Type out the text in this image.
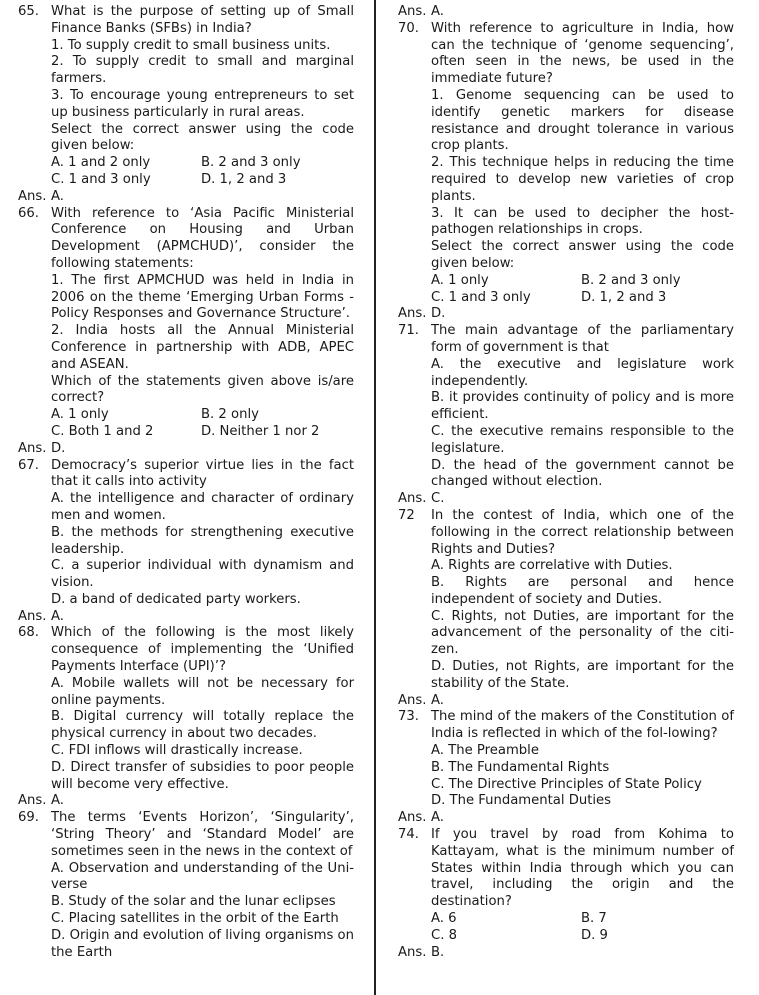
65. What is the purpose of setting up of Small Finance Banks (SFBs) in India?
1. To supply credit to small business units.
2. To supply credit to small and marginal farmers.
3. To encourage young entrepreneurs to set up business particularly in rural areas.
Select the correct answer using the code given below:
A. 1 and 2 only	B. 2 and 3 only
C. 1 and 3 only	D. 1, 2 and 3
Ans. A.
66. With reference to ‘Asia Pacific Ministerial Conference on Housing and Urban Development (APMCHUD)’, consider the following statements:
1. The first APMCHUD was held in India in 2006 on the theme ‘Emerging Urban Forms - Policy Responses and Governance Structure’.
2. India hosts all the Annual Ministerial Conference in partnership with ADB, APEC and ASEAN.
Which of the statements given above is/are correct?
A. 1 only	B. 2 only
C. Both 1 and 2	D. Neither 1 nor 2
Ans. D.
67. Democracy’s superior virtue lies in the fact that it calls into activity
A. the intelligence and character of ordinary men and women.
B. the methods for strengthening executive leadership.
C. a superior individual with dynamism and vision.
D. a band of dedicated party workers.
Ans. A.
68. Which of the following is the most likely consequence of implementing the ‘Unified Payments Interface (UPI)’?
A. Mobile wallets will not be necessary for online payments.
B. Digital currency will totally replace the physical currency in about two decades.
C. FDI inflows will drastically increase.
D. Direct transfer of subsidies to poor people will become very effective.
Ans. A.
69. The terms ‘Events Horizon’, ‘Singularity’, ‘String Theory’ and ‘Standard Model’ are sometimes seen in the news in the context of
A. Observation and understanding of the Uni-verse
B. Study of the solar and the lunar eclipses
C. Placing satellites in the orbit of the Earth
D. Origin and evolution of living organisms on the Earth
Ans. A.
70. With reference to agriculture in India, how can the technique of ‘genome sequencing’, often seen in the news, be used in the immediate future?
1. Genome sequencing can be used to identify genetic markers for disease resistance and drought tolerance in various crop plants.
2. This technique helps in reducing the time required to develop new varieties of crop plants.
3. It can be used to decipher the host-pathogen relationships in crops.
Select the correct answer using the code given below:
A. 1 only	B. 2 and 3 only
C. 1 and 3 only	D. 1, 2 and 3
Ans. D.
71. The main advantage of the parliamentary form of government is that
A. the executive and legislature work independently.
B. it provides continuity of policy and is more efficient.
C. the executive remains responsible to the legislature.
D. the head of the government cannot be changed without election.
Ans. C.
72 In the contest of India, which one of the following in the correct relationship between Rights and Duties?
A. Rights are correlative with Duties.
B. Rights are personal and hence independent of society and Duties.
C. Rights, not Duties, are important for the advancement of the personality of the citi-zen.
D. Duties, not Rights, are important for the stability of the State.
Ans. A.
73. The mind of the makers of the Constitution of India is reflected in which of the fol-lowing?
A. The Preamble
B. The Fundamental Rights
C. The Directive Principles of State Policy
D. The Fundamental Duties
Ans. A.
74. If you travel by road from Kohima to Kattayam, what is the minimum number of States within India through which you can travel, including the origin and the destination?
A. 6	B. 7
C. 8	D. 9
Ans. B.
